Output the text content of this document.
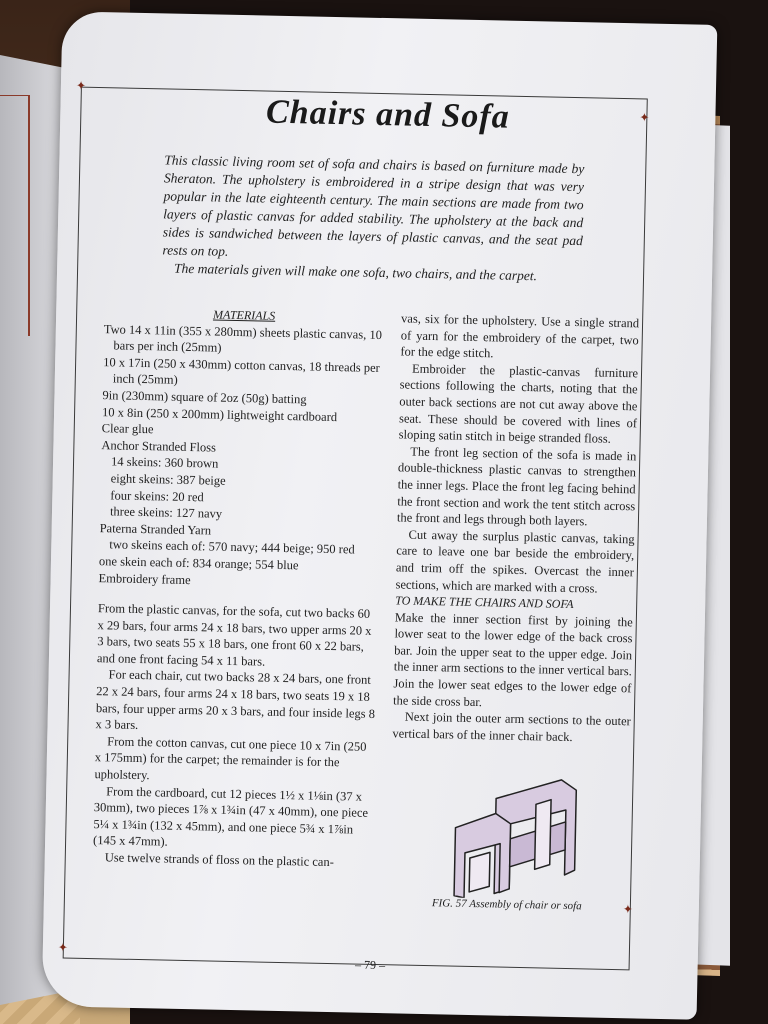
✦
✦
✦
✦
Chairs and Sofa

This classic living room set of sofa and chairs is based on furniture made by Sheraton. The upholstery is embroidered in a stripe design that was very popular in the late eighteenth century. The main sections are made from two layers of plastic canvas for added stability. The upholstery at the back and sides is sandwiched between the layers of plastic canvas, and the seat pad rests on top.

The materials given will make one sofa, two chairs, and the carpet.

MATERIALS

Two 14 x 11in (355 x 280mm) sheets plastic canvas, 10 bars per inch (25mm)
10 x 17in (250 x 430mm) cotton canvas, 18 threads per inch (25mm)
9in (230mm) square of 2oz (50g) batting
10 x 8in (250 x 200mm) lightweight cardboard
Clear glue
Anchor Stranded Floss
14 skeins: 360 brown
eight skeins: 387 beige
four skeins: 20 red
three skeins: 127 navy
Paterna Stranded Yarn
two skeins each of: 570 navy; 444 beige; 950 red
one skein each of: 834 orange; 554 blue
Embroidery frame

From the plastic canvas, for the sofa, cut two backs 60 x 29 bars, four arms 24 x 18 bars, two upper arms 20 x 3 bars, two seats 55 x 18 bars, one front 60 x 22 bars, and one front facing 54 x 11 bars.

For each chair, cut two backs 28 x 24 bars, one front 22 x 24 bars, four arms 24 x 18 bars, two seats 19 x 18 bars, four upper arms 20 x 3 bars, and four inside legs 8 x 3 bars.

From the cotton canvas, cut one piece 10 x 7in (250 x 175mm) for the carpet; the remainder is for the upholstery.

From the cardboard, cut 12 pieces 1½ x 1⅛in (37 x 30mm), two pieces 1⅞ x 1¾in (47 x 40mm), one piece 5¼ x 1¾in (132 x 45mm), and one piece 5¾ x 1⅞in (145 x 47mm).

Use twelve strands of floss on the plastic can-

vas, six for the upholstery. Use a single strand of yarn for the embroidery of the carpet, two for the edge stitch.

Embroider the plastic-canvas furniture sections following the charts, noting that the outer back sections are not cut away above the seat. These should be covered with lines of sloping satin stitch in beige stranded floss.

The front leg section of the sofa is made in double-thickness plastic canvas to strengthen the inner legs. Place the front leg facing behind the front section and work the tent stitch across the front and legs through both layers.

Cut away the surplus plastic canvas, taking care to leave one bar beside the embroidery, and trim off the spikes. Overcast the inner sections, which are marked with a cross.

TO MAKE THE CHAIRS AND SOFA

Make the inner section first by joining the lower seat to the lower edge of the back cross bar. Join the upper seat to the upper edge. Join the inner arm sections to the inner vertical bars. Join the lower seat edges to the lower edge of the side cross bar.

Next join the outer arm sections to the outer vertical bars of the inner chair back.

FIG. 57 Assembly of chair or sofa
– 79 –
